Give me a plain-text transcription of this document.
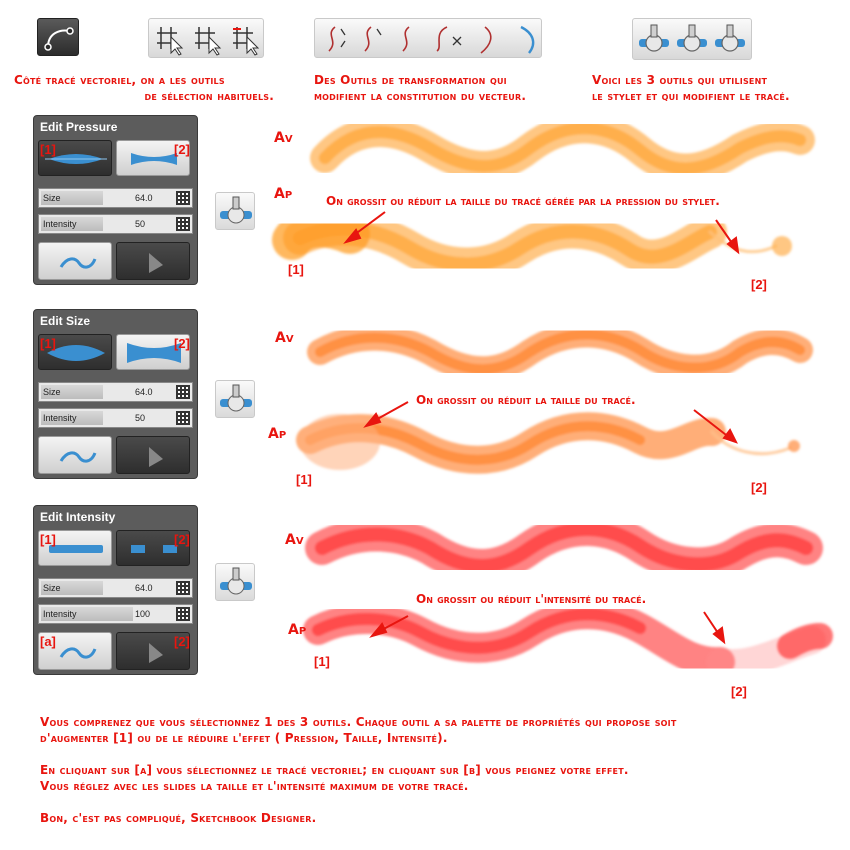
Côté tracé vectoriel, on a les outils
de sélection habituels.
Des Outils de transformation qui
modifient la constitution du vecteur.
Voici les 3 outils qui utilisent
le stylet et qui modifient le tracé.
Edit Pressure
[1]	[2]
Size	64.0
Intensity	50
Edit Size
[1]	[2]
Size	64.0
Intensity	50
Edit Intensity
[1]	[2]
Size	64.0
Intensity	100
[a]	[2]
Av
Ap
[1]
[2]
On grossit ou réduit la taille du tracé gérée par la pression du stylet.
Av
Ap
[1]
[2]
On grossit ou réduit la taille du tracé.
Av
Ap
[1]
[2]
On grossit ou réduit l'intensité du tracé.
Vous comprenez que vous sélectionnez 1 des 3 outils. Chaque outil a sa palette de propriétés qui propose soit
d'augmenter [1] ou de le réduire l'effet ( Pression, Taille, Intensité).
En cliquant sur [a] vous sélectionnez le tracé vectoriel; en cliquant sur [b] vous peignez votre effet.
Vous réglez avec les slides la taille et l'intensité maximum de votre tracé.
Bon, c'est pas compliqué, Sketchbook Designer.
